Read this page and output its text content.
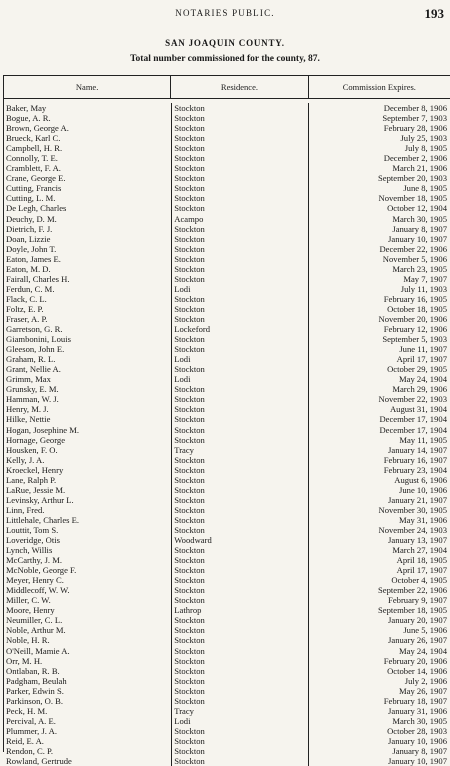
NOTARIES PUBLIC.	193
SAN JOAQUIN COUNTY.
Total number commissioned for the county, 87.
Name.	Residence.	Commission Expires.
Baker, May	Stockton	December 8, 1906
Bogue, A. R.	Stockton	September 7, 1903
Brown, George A.	Stockton	February 28, 1906
Brueck, Karl C.	Stockton	July 25, 1903
Campbell, H. R.	Stockton	July 8, 1905
Connolly, T. E.	Stockton	December 2, 1906
Cramblett, F. A.	Stockton	March 21, 1906
Crane, George E.	Stockton	September 20, 1903
Cutting, Francis	Stockton	June 8, 1905
Cutting, L. M.	Stockton	November 18, 1905
De Legh, Charles	Stockton	October 12, 1904
Deuchy, D. M.	Acampo	March 30, 1905
Dietrich, F. J.	Stockton	January 8, 1907
Doan, Lizzie	Stockton	January 10, 1907
Doyle, John T.	Stockton	December 22, 1906
Eaton, James E.	Stockton	November 5, 1906
Eaton, M. D.	Stockton	March 23, 1905
Fairall, Charles H.	Stockton	May 7, 1907
Ferdun, C. M.	Lodi	July 11, 1903
Flack, C. L.	Stockton	February 16, 1905
Foltz, E. P.	Stockton	October 18, 1905
Fraser, A. P.	Stockton	November 20, 1906
Garretson, G. R.	Lockeford	February 12, 1906
Giambonini, Louis	Stockton	September 5, 1903
Gleeson, John E.	Stockton	June 11, 1907
Graham, R. L.	Lodi	April 17, 1907
Grant, Nellie A.	Stockton	October 29, 1905
Grimm, Max	Lodi	May 24, 1904
Grunsky, E. M.	Stockton	March 29, 1906
Hamman, W. J.	Stockton	November 22, 1903
Henry, M. J.	Stockton	August 31, 1904
Hilke, Nettie	Stockton	December 17, 1904
Hogan, Josephine M.	Stockton	December 17, 1904
Hornage, George	Stockton	May 11, 1905
Housken, F. O.	Tracy	January 14, 1907
Kelly, J. A.	Stockton	February 16, 1907
Kroeckel, Henry	Stockton	February 23, 1904
Lane, Ralph P.	Stockton	August 6, 1906
LaRue, Jessie M.	Stockton	June 10, 1906
Levinsky, Arthur L.	Stockton	January 21, 1907
Linn, Fred.	Stockton	November 30, 1905
Littlehale, Charles E.	Stockton	May 31, 1906
Louttit, Tom S.	Stockton	November 24, 1903
Loveridge, Otis	Woodward	January 13, 1907
Lynch, Willis	Stockton	March 27, 1904
McCarthy, J. M.	Stockton	April 18, 1905
McNoble, George F.	Stockton	April 17, 1907
Meyer, Henry C.	Stockton	October 4, 1905
Middlecoff, W. W.	Stockton	September 22, 1906
Miller, C. W.	Stockton	February 9, 1907
Moore, Henry	Lathrop	September 18, 1905
Neumiller, C. L.	Stockton	January 20, 1907
Noble, Arthur M.	Stockton	June 5, 1906
Noble, H. R.	Stockton	January 26, 1907
O'Neill, Mamie A.	Stockton	May 24, 1904
Orr, M. H.	Stockton	February 20, 1906
Ontlaban, R. B.	Stockton	October 14, 1906
Padgham, Beulah	Stockton	July 2, 1906
Parker, Edwin S.	Stockton	May 26, 1907
Parkinson, O. B.	Stockton	February 18, 1907
Peck, H. M.	Tracy	January 31, 1906
Percival, A. E.	Lodi	March 30, 1905
Plummer, J. A.	Stockton	October 28, 1903
Reid, E. A.	Stockton	January 10, 1906
Rendon, C. P.	Stockton	January 8, 1907
Rowland, Gertrude	Stockton	January 10, 1907
